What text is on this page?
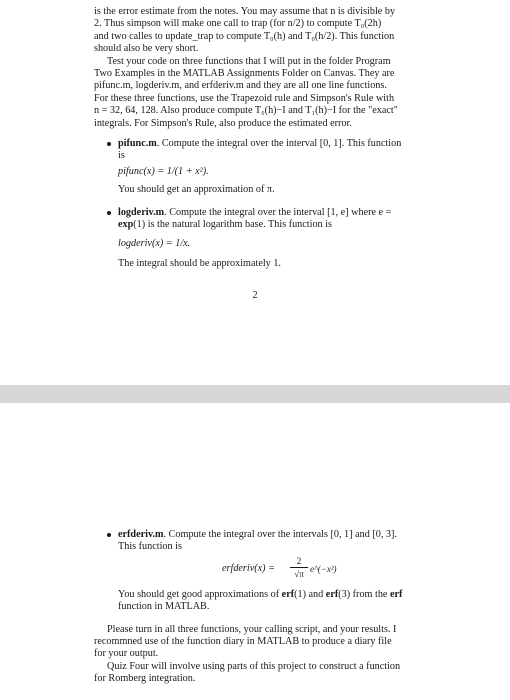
is the error estimate from the notes. You may assume that n is divisible by

2. Thus simpson will make one call to trap (for n/2) to compute T₀(2h)

and two calles to update_trap to compute T₀(h) and T₀(h/2). This function

should also be very short.

Test your code on three functions that I will put in the folder Program

Two Examples in the MATLAB Assignments Folder on Canvas. They are

pifunc.m, logderiv.m, and erfderiv.m and they are all one line functions.

For these three functions, use the Trapezoid rule and Simpson's Rule with

n = 32, 64, 128. Also produce compute T₀(h)−I and T₁(h)−I for the "exact"

integrals. For Simpson's Rule, also produce the estimated error.

pifunc.m. Compute the integral over the interval [0, 1]. This function

is

pifunc(x) = 1/(1 + x²).

You should get an approximation of π.

logderiv.m. Compute the integral over the interval [1, e] where e =

exp(1) is the natural logarithm base. This function is

logderiv(x) = 1/x.

The integral should be approximately 1.

2

erfderiv.m. Compute the integral over the intervals [0, 1] and [0, 3].

This function is

erfderiv(x) =
2
√π e^(−x²)

You should get good approximations of erf(1) and erf(3) from the erf

function in MATLAB.

Please turn in all three functions, your calling script, and your results. I

recommned use of the function diary in MATLAB to produce a diary file

for your output.

Quiz Four will involve using parts of this project to construct a function

for Romberg integration.
